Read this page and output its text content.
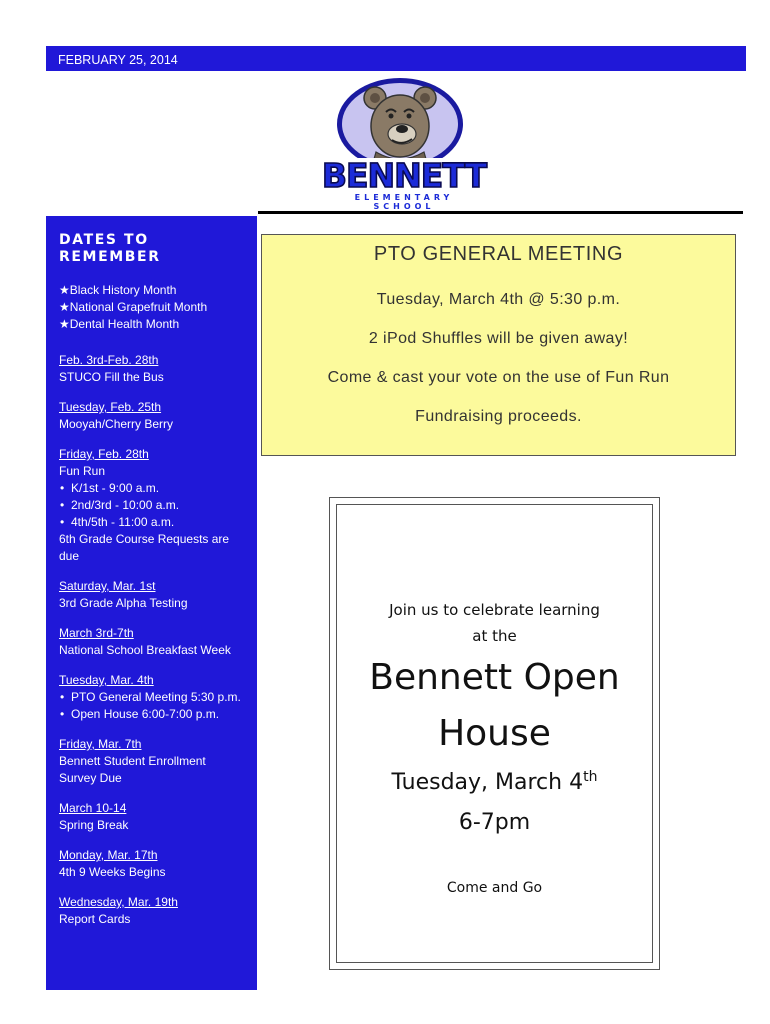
FEBRUARY 25, 2014
BENNETT
ELEMENTARY
SCHOOL
DATES TO
REMEMBER
★Black History Month
★National Grapefruit Month
★Dental Health Month
Feb. 3rd-Feb. 28th
STUCO Fill the Bus
Tuesday, Feb. 25th
Mooyah/Cherry Berry
Friday, Feb. 28th
Fun Run
• K/1st - 9:00 a.m.
• 2nd/3rd - 10:00 a.m.
• 4th/5th - 11:00 a.m.
6th Grade Course Requests are
due
Saturday, Mar. 1st
3rd Grade Alpha Testing
March 3rd-7th
National School Breakfast Week
Tuesday, Mar. 4th
• PTO General Meeting 5:30 p.m.
• Open House 6:00-7:00 p.m.
Friday, Mar. 7th
Bennett Student Enrollment
Survey Due
March 10-14
Spring Break
Monday, Mar. 17th
4th 9 Weeks Begins
Wednesday, Mar. 19th
Report Cards
PTO GENERAL MEETING
Tuesday, March 4th @ 5:30 p.m.
2 iPod Shuffles will be given away!
Come & cast your vote on the use of Fun Run
Fundraising proceeds.
Join us to celebrate learning
at the
Bennett Open
House
Tuesday, March 4th
6-7pm
Come and Go
